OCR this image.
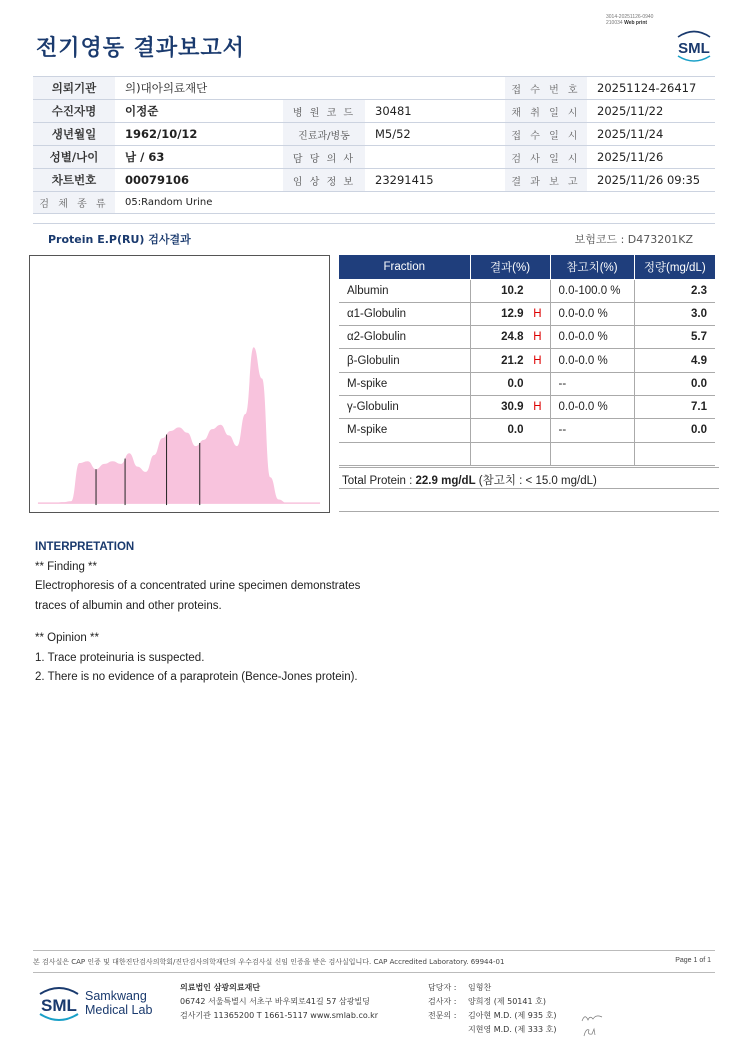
3014-20251126-0940
210034 Web print
전기영동 결과보고서	SML
의뢰기관	의)대아의료재단			접 수 번 호	20251124-26417
수진자명	이정준	병 원 코 드	30481	채 취 일 시	2025/11/22
생년월일	1962/10/12	진료과/병동	M5/52	접 수 일 시	2025/11/24
성별/나이	남 / 63	담 당 의 사		검 사 일 시	2025/11/26
차트번호	00079106	임 상 정 보	23291415	결 과 보 고	2025/11/26 09:35
검 체 종 류	05:Random Urine				
Protein E.P(RU) 검사결과	보험코드 : D473201KZ
Fraction	결과(%)	참고치(%)	정량(mg/dL)
Albumin	10.2	0.0-100.0 %	2.3
α1-Globulin	12.9 H	0.0-0.0 %	3.0
α2-Globulin	24.8 H	0.0-0.0 %	5.7
β-Globulin	21.2 H	0.0-0.0 %	4.9
M-spike	0.0	--	0.0
γ-Globulin	30.9 H	0.0-0.0 %	7.1
M-spike	0.0	--	0.0

Total Protein : 22.9 mg/dL (참고치 : < 15.0 mg/dL)
INTERPRETATION
** Finding **
Electrophoresis of a concentrated urine specimen demonstrates
traces of albumin and other proteins.
** Opinion **
1. Trace proteinuria is suspected.
2. There is no evidence of a paraprotein (Bence-Jones protein).
본 검사실은 CAP 인증 및 대한진단검사의학회/진단검사의학재단의 우수검사실 신임 인증을 받은 검사실입니다. CAP Accredited Laboratory. 69944-01	Page 1 of 1
SML Samkwang
Medical Lab
의료법인 삼광의료재단
06742 서울특별시 서초구 바우뫼로41길 57 삼광빌딩
검사기관 11365200 T 1661-5117 www.smlab.co.kr
담당자 :	임형찬
검사자 :	양희정 (제 50141 호)
전문의 :	김아현 M.D. (제 935 호)
지현영 M.D. (제 333 호)
